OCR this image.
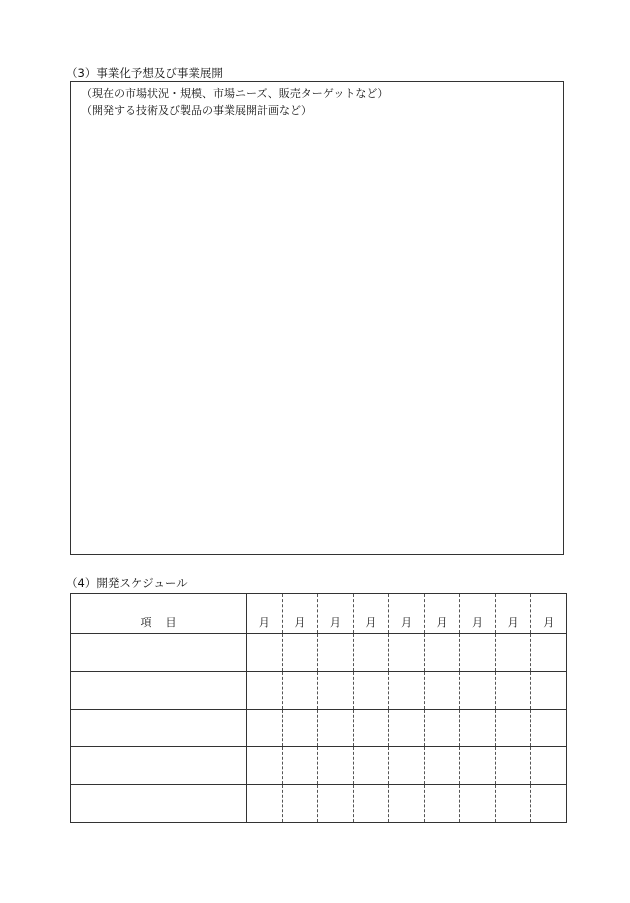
（3）事業化予想及び事業展開
（現在の市場状況・規模、市場ニーズ、販売ターゲットなど）
（開発する技術及び製品の事業展開計画など）
（4）開発スケジュール
項目	月	月	月	月	月	月	月	月	月
